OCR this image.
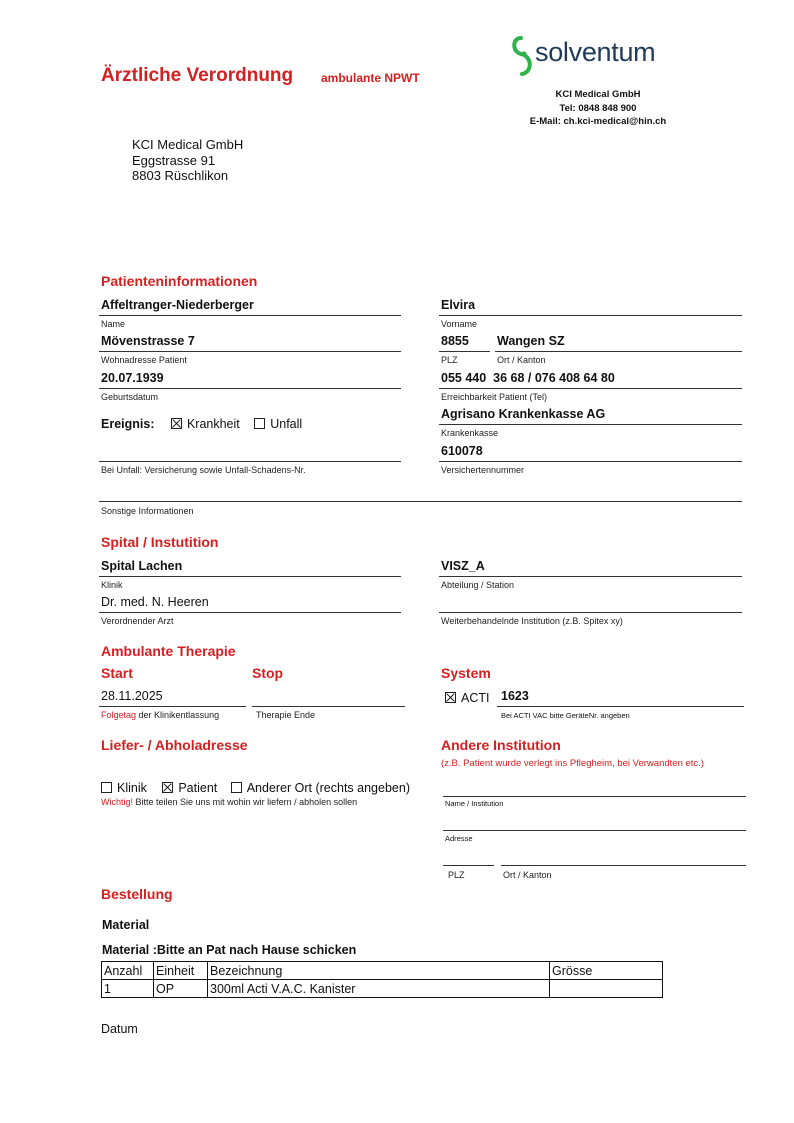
Ärztliche Verordnung ambulante NPWT
solventum
KCI Medical GmbH
Tel: 0848 848 900
E-Mail: ch.kci-medical@hin.ch
KCI Medical GmbH
Eggstrasse 91
8803 Rüschlikon
Patienteninformationen
Affeltranger-Niederberger
Name
Elvira
Vorname
Mövenstrasse 7
Wohnadresse Patient
8855
PLZ
Wangen SZ
Ort / Kanton
20.07.1939
Geburtsdatum
055 440  36 68 / 076 408 64 80
Erreichbarkeit Patient (Tel)
Ereignis:	Krankheit Unfall
Agrisano Krankenkasse AG
Krankenkasse
Bei Unfall: Versicherung sowie Unfall-Schadens-Nr.
610078
Versichertennummer
Sonstige Informationen
Spital / Instutition
Spital Lachen
Klinik
VISZ_A
Abteilung / Station
Dr. med. N. Heeren
Verordnender Arzt	Weiterbehandelnde Institution (z.B. Spitex xy)
Ambulante Therapie
Start	Stop	System
28.11.2025
Folgetag der Klinikentlassung	Therapie Ende
ACTI 1623
Bei ACTI VAC bitte GeräteNr. angeben
Liefer- / Abholadresse
Klinik	Patient Anderer Ort (rechts angeben)
Wichtig! Bitte teilen Sie uns mit wohin wir liefern / abholen sollen
Andere Institution
(z.B. Patient wurde verlegt ins Pflegheim, bei Verwandten etc.)
Name / Institution
Adresse
PLZ	Ort / Kanton
Bestellung
Material
Material :Bitte an Pat nach Hause schicken
Anzahl	Einheit	Bezeichnung	Grösse
1	OP	300ml Acti V.A.C. Kanister	
Datum
